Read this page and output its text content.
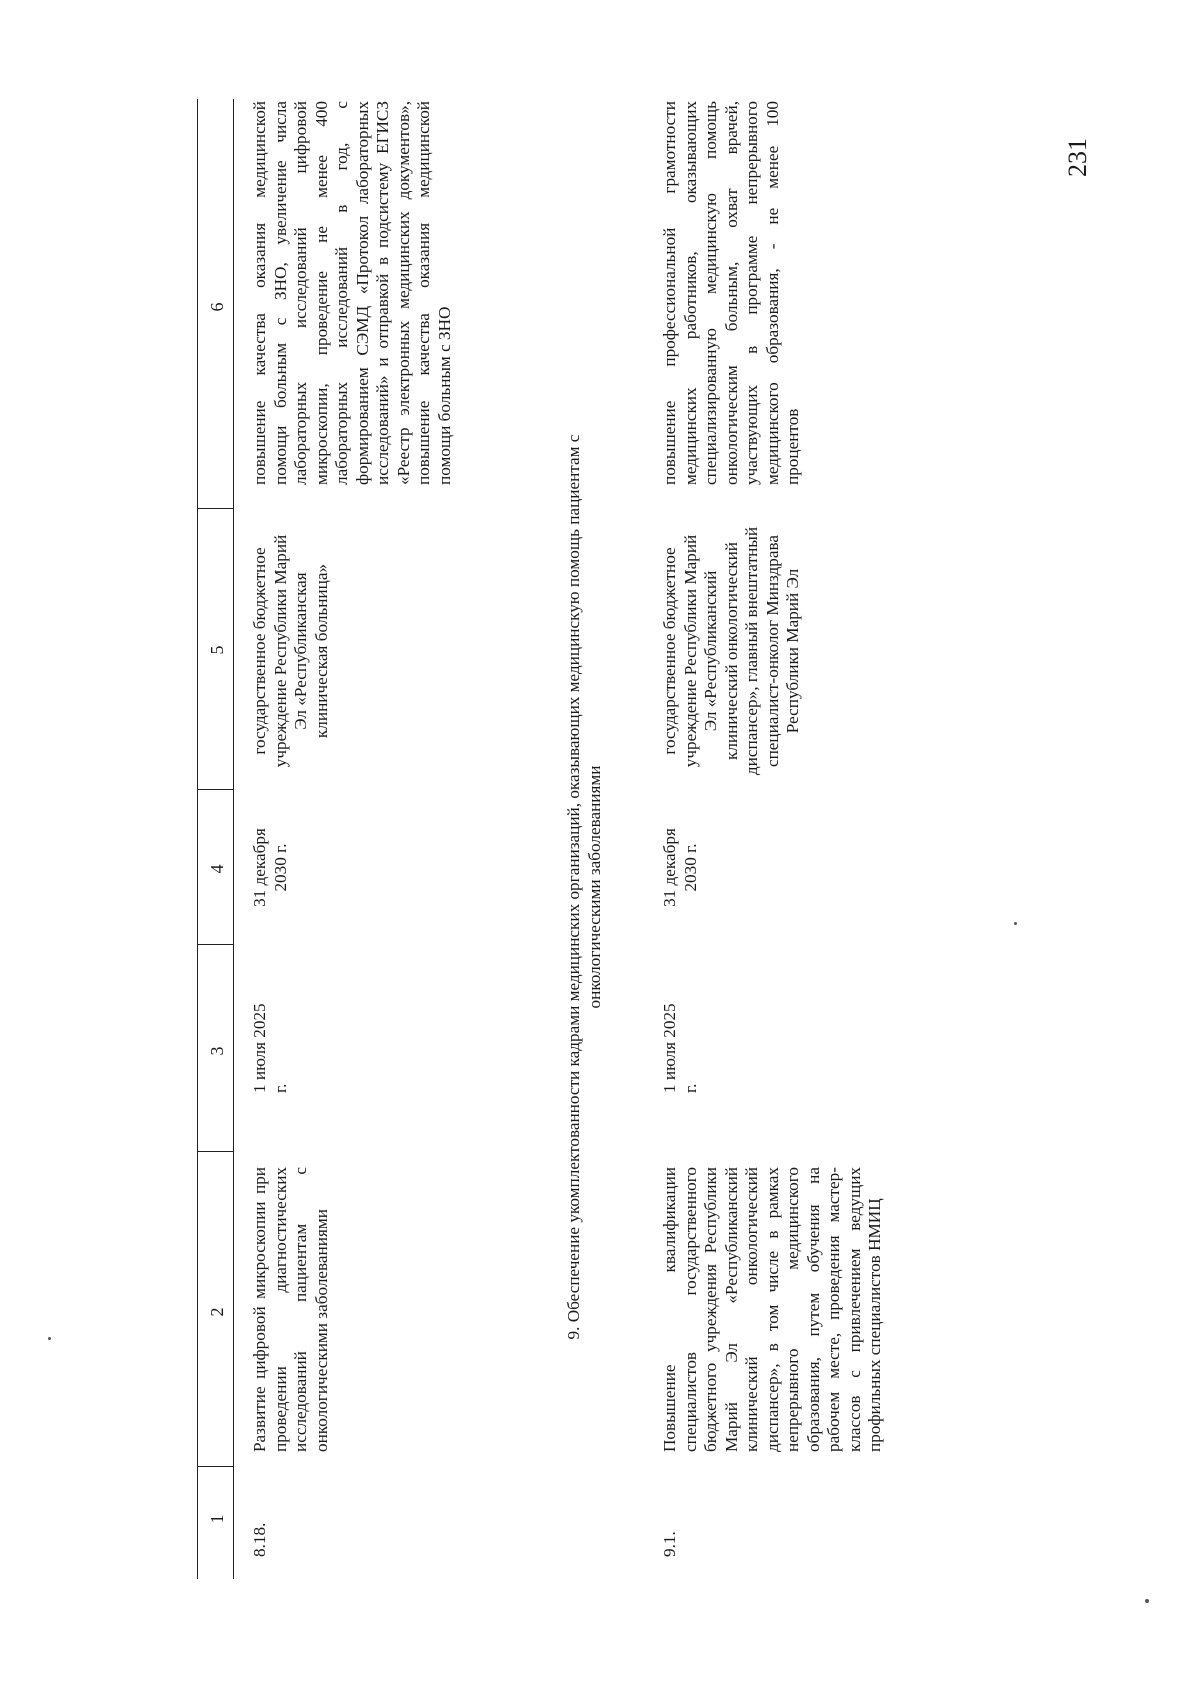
231
1
2
3
4
5
6
8.18.
Развитие цифровой микроскопии при проведении диагностических исследований пациентам с онкологическими заболеваниями
1 июля 2025 г.
31 декабря 2030 г.
государственное бюджетное учреждение Республики Марий Эл «Республиканская клиническая больница»
повышение качества оказания медицинской помощи больным с ЗНО, увеличение числа лабораторных исследований цифровой микроскопии, проведение не менее 400 лабораторных исследований в год, с формированием СЭМД «Протокол лабораторных исследований» и отправкой в подсистему ЕГИСЗ «Реестр электронных медицинских документов», повышение качества оказания медицинской помощи больным с ЗНО
9. Обеспечение укомплектованности кадрами медицинских организаций, оказывающих медицинскую помощь пациентам с онкологическими заболеваниями
9.1.
Повышение квалификации специалистов государственного бюджетного учреждения Республики Марий Эл «Республиканский клинический онкологический диспансер», в том числе в рамках непрерывного медицинского образования, путем обучения на рабочем месте, проведения мастер-классов с привлечением ведущих профильных специалистов НМИЦ
1 июля 2025 г.
31 декабря 2030 г.
государственное бюджетное учреждение Республики Марий Эл «Республиканский клинический онкологический диспансер», главный внештатный специалист-онколог Минздрава Республики Марий Эл
повышение профессиональной грамотности медицинских работников, оказывающих специализированную медицинскую помощь онкологическим больным, охват врачей, участвующих в программе непрерывного медицинского образования, - не менее 100 процентов
